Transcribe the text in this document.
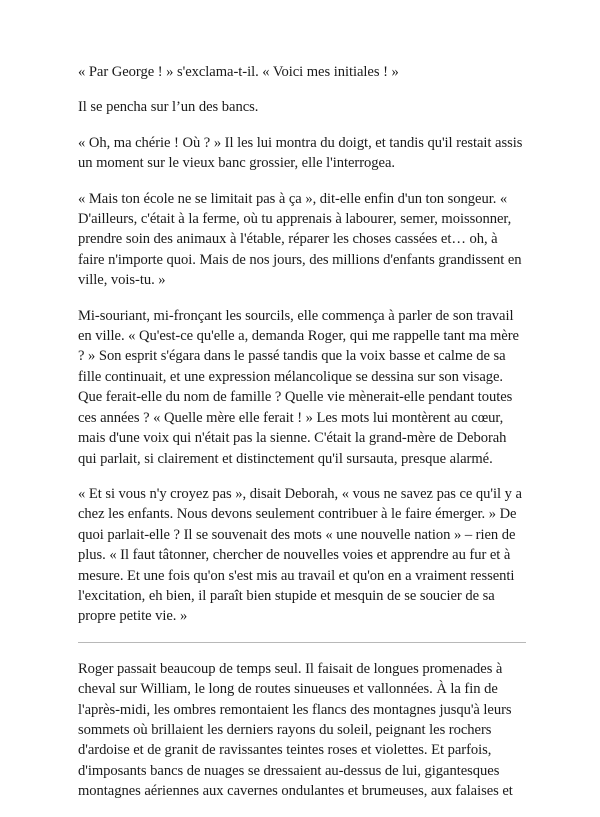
« Par George ! » s'exclama-t-il. « Voici mes initiales ! »

Il se pencha sur l’un des bancs.

« Oh, ma chérie ! Où ? » Il les lui montra du doigt, et tandis qu'il restait assis un moment sur le vieux banc grossier, elle l'interrogea.

« Mais ton école ne se limitait pas à ça », dit-elle enfin d'un ton songeur. « D'ailleurs, c'était à la ferme, où tu apprenais à labourer, semer, moissonner, prendre soin des animaux à l'étable, réparer les choses cassées et… oh, à faire n'importe quoi. Mais de nos jours, des millions d'enfants grandissent en ville, vois-tu. »

Mi-souriant, mi-fronçant les sourcils, elle commença à parler de son travail en ville. « Qu'est-ce qu'elle a, demanda Roger, qui me rappelle tant ma mère ? » Son esprit s'égara dans le passé tandis que la voix basse et calme de sa fille continuait, et une expression mélancolique se dessina sur son visage. Que ferait-elle du nom de famille ? Quelle vie mènerait-elle pendant toutes ces années ? « Quelle mère elle ferait ! » Les mots lui montèrent au cœur, mais d'une voix qui n'était pas la sienne. C'était la grand-mère de Deborah qui parlait, si clairement et distinctement qu'il sursauta, presque alarmé.

« Et si vous n'y croyez pas », disait Deborah, « vous ne savez pas ce qu'il y a chez les enfants. Nous devons seulement contribuer à le faire émerger. » De quoi parlait-elle ? Il se souvenait des mots « une nouvelle nation » – rien de plus. « Il faut tâtonner, chercher de nouvelles voies et apprendre au fur et à mesure. Et une fois qu'on s'est mis au travail et qu'on en a vraiment ressenti l'excitation, eh bien, il paraît bien stupide et mesquin de se soucier de sa propre petite vie. »

Roger passait beaucoup de temps seul. Il faisait de longues promenades à cheval sur William, le long de routes sinueuses et vallonnées. À la fin de l'après-midi, les ombres remontaient les flancs des montagnes jusqu'à leurs sommets où brillaient les derniers rayons du soleil, peignant les rochers d'ardoise et de granit de ravissantes teintes roses et violettes. Et parfois, d'imposants bancs de nuages se dressaient au-dessus de lui, gigantesques montagnes aériennes aux cavernes ondulantes et brumeuses, aux falaises et
